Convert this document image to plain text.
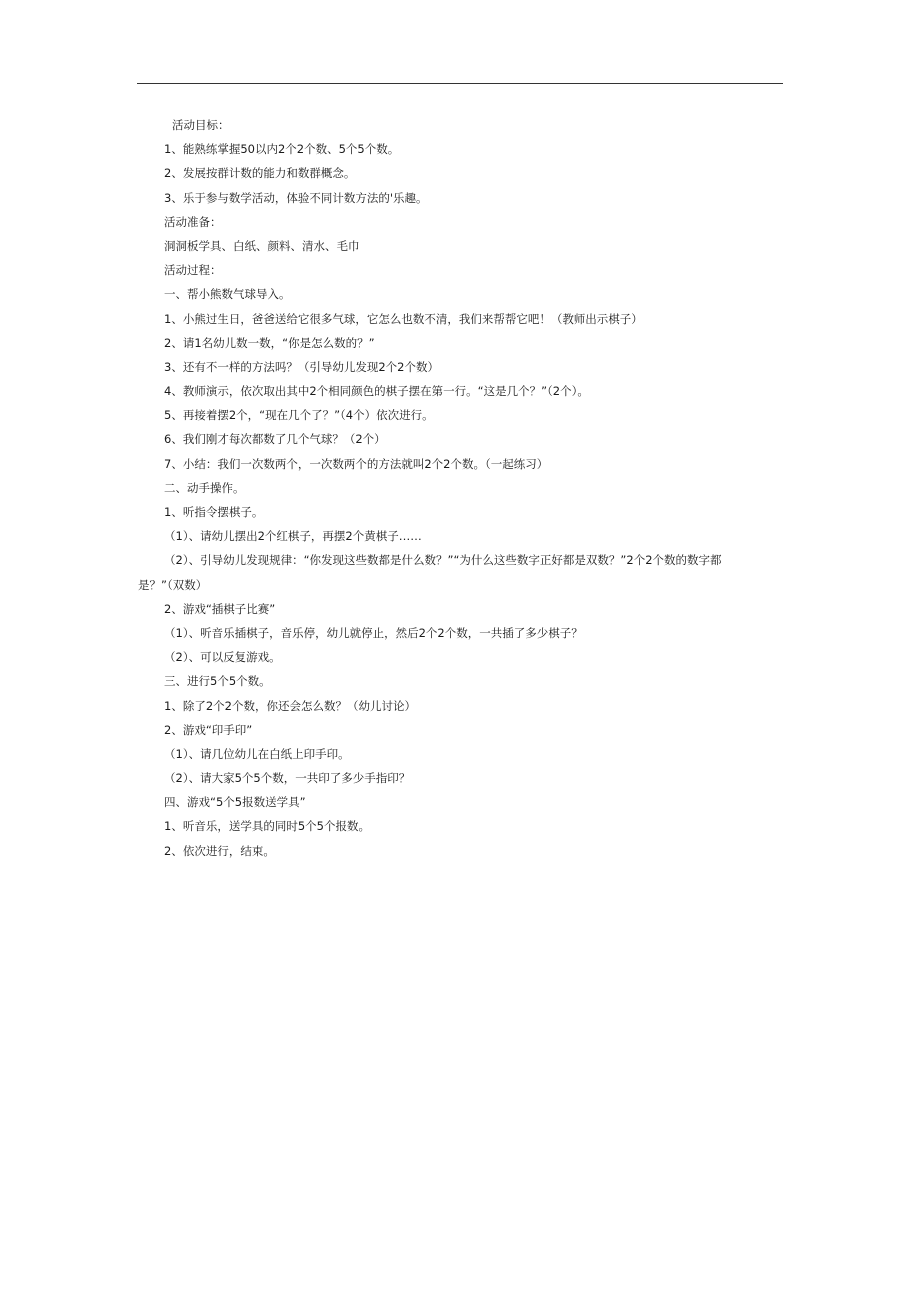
活动目标：
1、能熟练掌握50以内2个2个数、5个5个数。
2、发展按群计数的能力和数群概念。
3、乐于参与数学活动，体验不同计数方法的'乐趣。
活动准备：
洞洞板学具、白纸、颜料、清水、毛巾
活动过程：
一、帮小熊数气球导入。
1、小熊过生日，爸爸送给它很多气球，它怎么也数不清，我们来帮帮它吧！（教师出示棋子）
2、请1名幼儿数一数，“你是怎么数的？”
3、还有不一样的方法吗？（引导幼儿发现2个2个数）
4、教师演示，依次取出其中2个相同颜色的棋子摆在第一行。“这是几个？”（2个）。
5、再接着摆2个，“现在几个了？”（4个）依次进行。
6、我们刚才每次都数了几个气球？（2个）
7、小结：我们一次数两个，一次数两个的方法就叫2个2个数。（一起练习）
二、动手操作。
1、听指令摆棋子。
（1）、请幼儿摆出2个红棋子，再摆2个黄棋子……
（2）、引导幼儿发现规律：“你发现这些数都是什么数？”“为什么这些数字正好都是双数？”2个2个数的数字都
是？”（双数）
2、游戏“插棋子比赛”
（1）、听音乐插棋子，音乐停，幼儿就停止，然后2个2个数，一共插了多少棋子？
（2）、可以反复游戏。
三、进行5个5个数。
1、除了2个2个数，你还会怎么数？（幼儿讨论）
2、游戏“印手印”
（1）、请几位幼儿在白纸上印手印。
（2）、请大家5个5个数，一共印了多少手指印？
四、游戏“5个5报数送学具”
1、听音乐，送学具的同时5个5个报数。
2、依次进行，结束。
